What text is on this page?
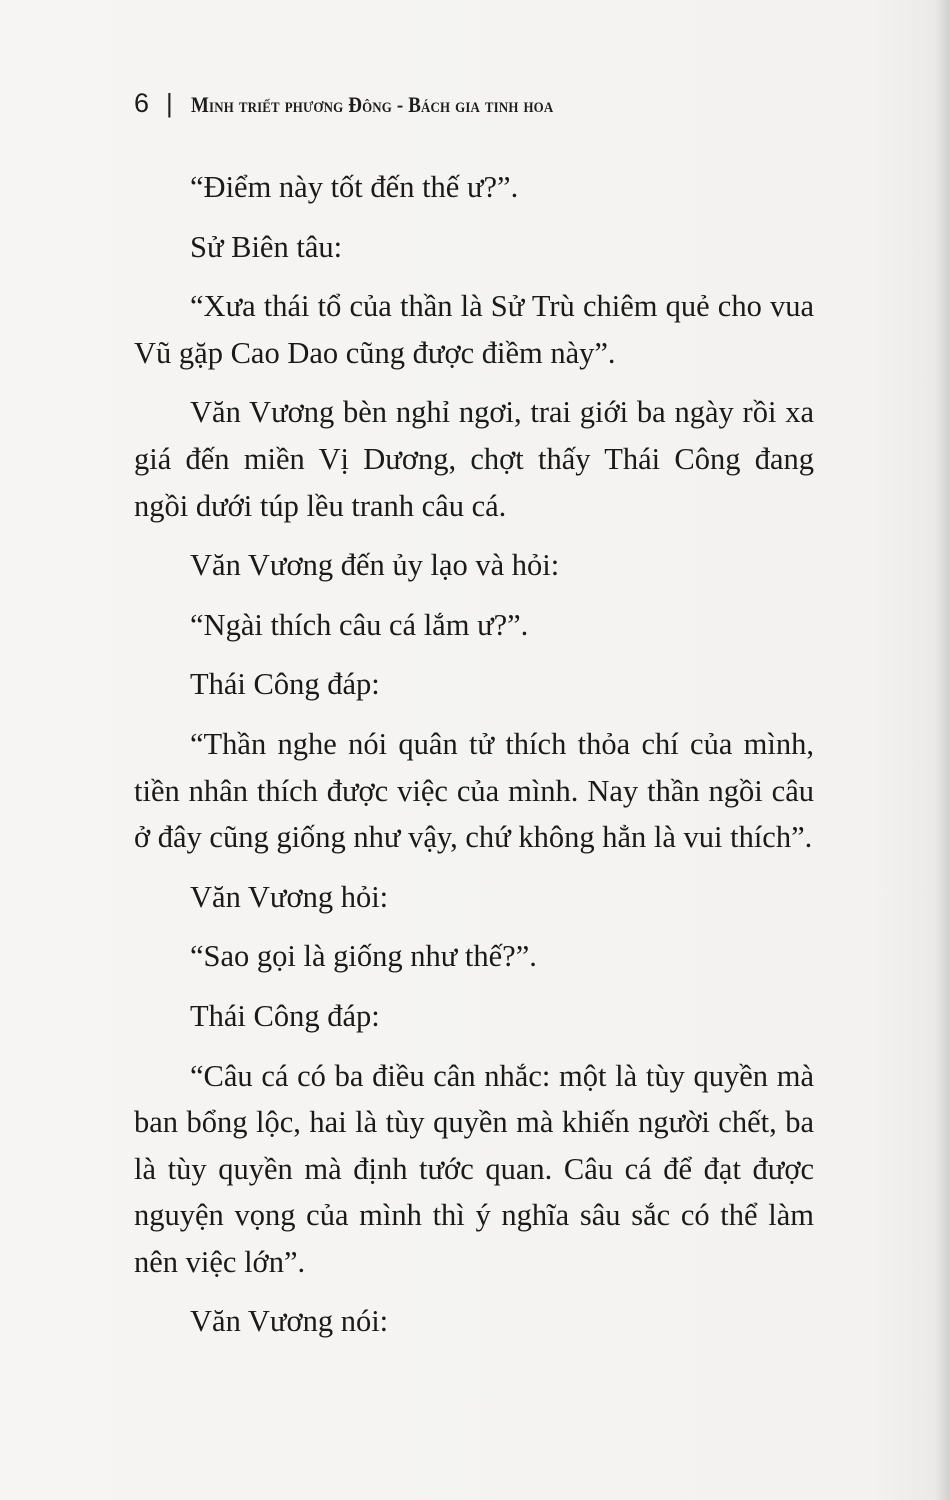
6 | Minh triết phương Đông - Bách gia tinh hoa

“Điểm này tốt đến thế ư?”.

Sử Biên tâu:

“Xưa thái tổ của thần là Sử Trù chiêm quẻ cho vua Vũ gặp Cao Dao cũng được điềm này”.

Văn Vương bèn nghỉ ngơi, trai giới ba ngày rồi xa giá đến miền Vị Dương, chợt thấy Thái Công đang ngồi dưới túp lều tranh câu cá.

Văn Vương đến ủy lạo và hỏi:

“Ngài thích câu cá lắm ư?”.

Thái Công đáp:

“Thần nghe nói quân tử thích thỏa chí của mình, tiền nhân thích được việc của mình. Nay thần ngồi câu ở đây cũng giống như vậy, chứ không hẳn là vui thích”.

Văn Vương hỏi:

“Sao gọi là giống như thế?”.

Thái Công đáp:

“Câu cá có ba điều cân nhắc: một là tùy quyền mà ban bổng lộc, hai là tùy quyền mà khiến người chết, ba là tùy quyền mà định tước quan. Câu cá để đạt được nguyện vọng của mình thì ý nghĩa sâu sắc có thể làm nên việc lớn”.

Văn Vương nói:
